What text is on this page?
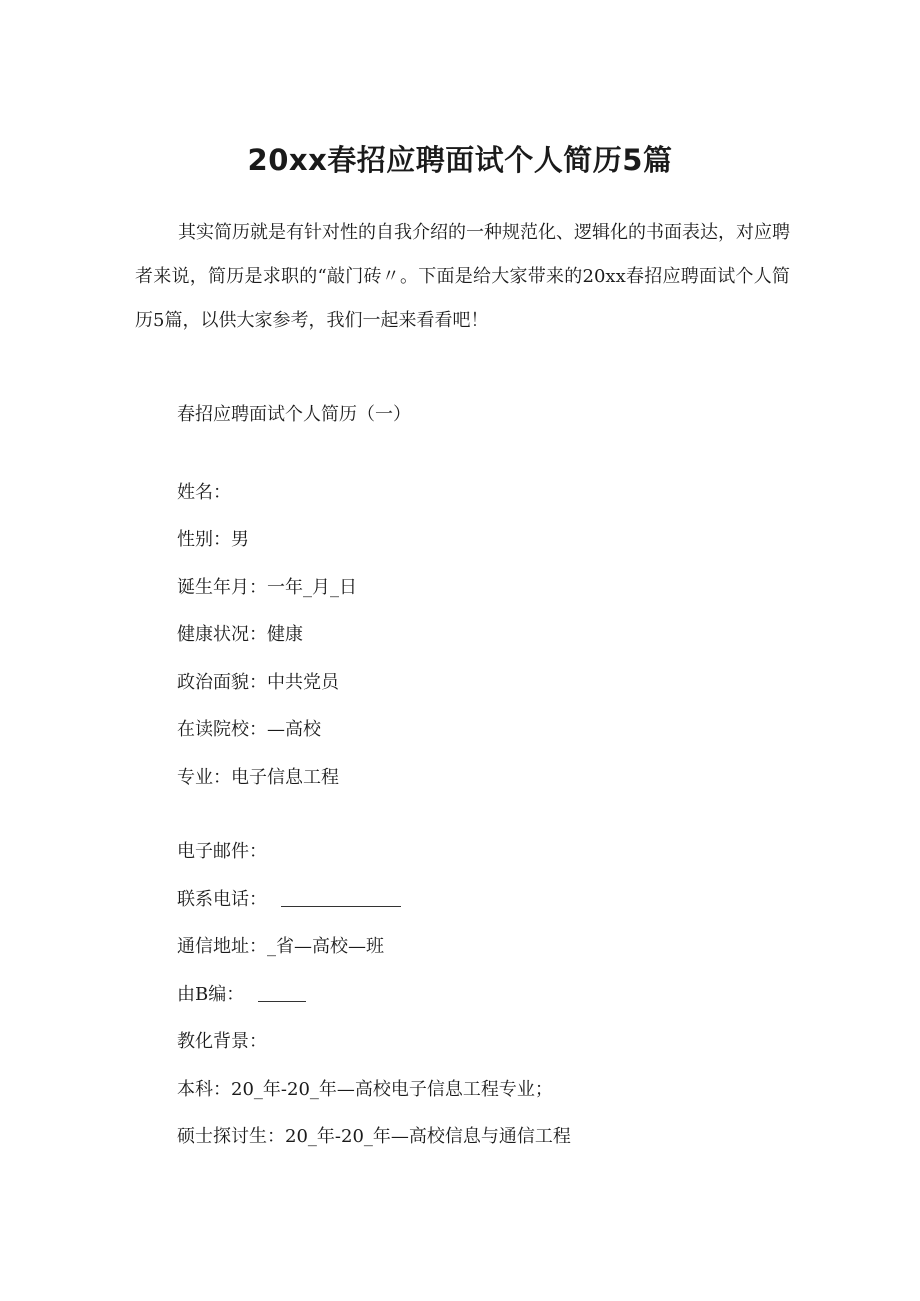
20xx春招应聘面试个人简历5篇

其实简历就是有针对性的自我介绍的一种规范化、逻辑化的书面表达，对应聘者来说，简历是求职的“敲门砖〃。下面是给大家带来的20xx春招应聘面试个人简历5篇，以供大家参考，我们一起来看看吧！

春招应聘面试个人简历（一）

姓名：

性别：男

诞生年月：一年_月_日

健康状况：健康

政治面貌：中共党员

在读院校：—高校

专业：电子信息工程

电子邮件：

联系电话：

通信地址：_省—高校—班

由B编：

教化背景：

本科：20_年-20_年—高校电子信息工程专业；

硕士探讨生：20_年-20_年—高校信息与通信工程
